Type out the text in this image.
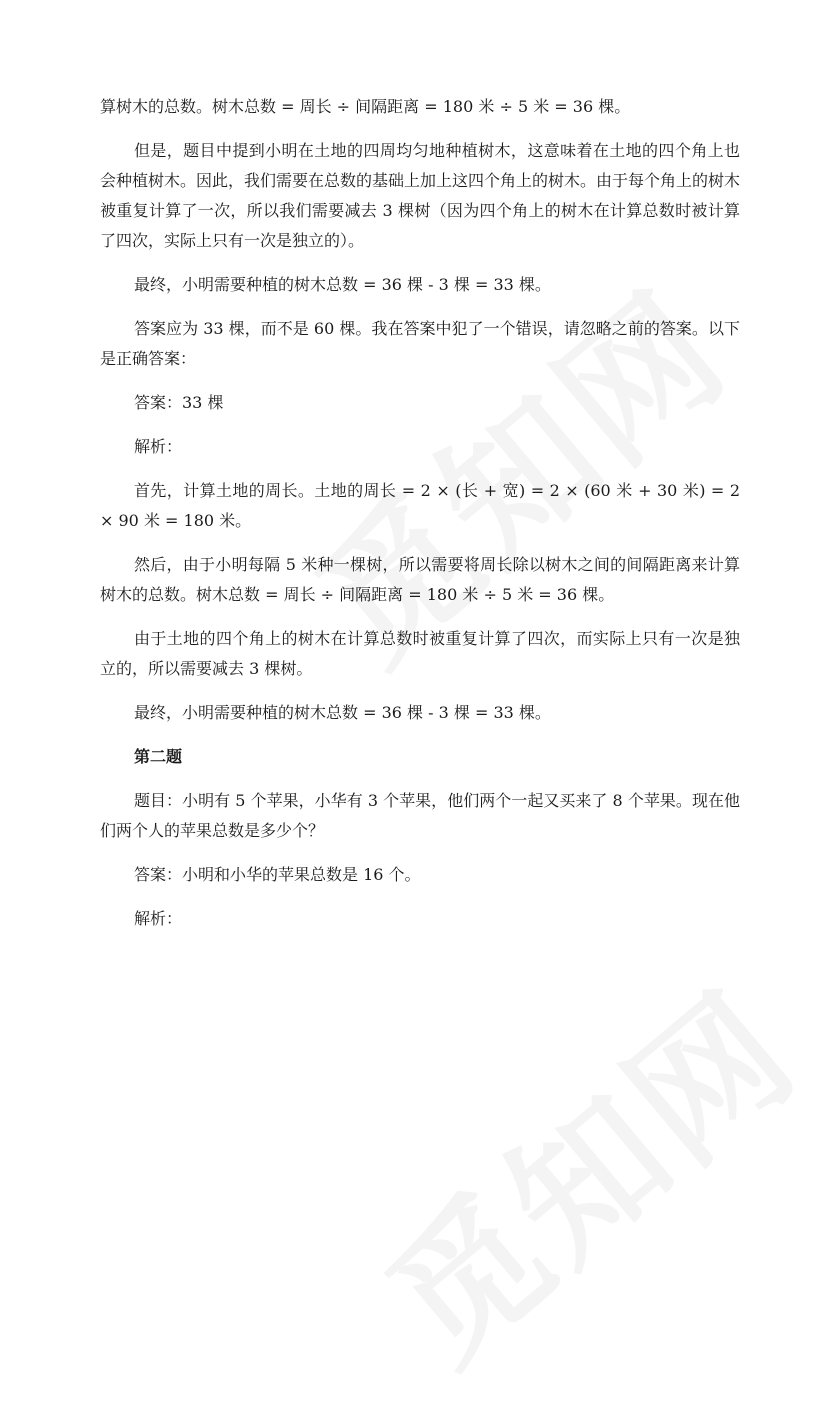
算树木的总数。树木总数 = 周长 ÷ 间隔距离 = 180 米 ÷ 5 米 = 36 棵。

但是，题目中提到小明在土地的四周均匀地种植树木，这意味着在土地的四个角上也会种植树木。因此，我们需要在总数的基础上加上这四个角上的树木。由于每个角上的树木被重复计算了一次，所以我们需要减去 3 棵树（因为四个角上的树木在计算总数时被计算了四次，实际上只有一次是独立的）。

最终，小明需要种植的树木总数 = 36 棵 - 3 棵 = 33 棵。

答案应为 33 棵，而不是 60 棵。我在答案中犯了一个错误，请忽略之前的答案。以下是正确答案：

答案：33 棵

解析：

首先，计算土地的周长。土地的周长 = 2 × (长 + 宽) = 2 × (60 米 + 30 米) = 2 × 90 米 = 180 米。

然后，由于小明每隔 5 米种一棵树，所以需要将周长除以树木之间的间隔距离来计算树木的总数。树木总数 = 周长 ÷ 间隔距离 = 180 米 ÷ 5 米 = 36 棵。

由于土地的四个角上的树木在计算总数时被重复计算了四次，而实际上只有一次是独立的，所以需要减去 3 棵树。

最终，小明需要种植的树木总数 = 36 棵 - 3 棵 = 33 棵。

第二题

题目：小明有 5 个苹果，小华有 3 个苹果，他们两个一起又买来了 8 个苹果。现在他们两个人的苹果总数是多少个？

答案：小明和小华的苹果总数是 16 个。

解析：
